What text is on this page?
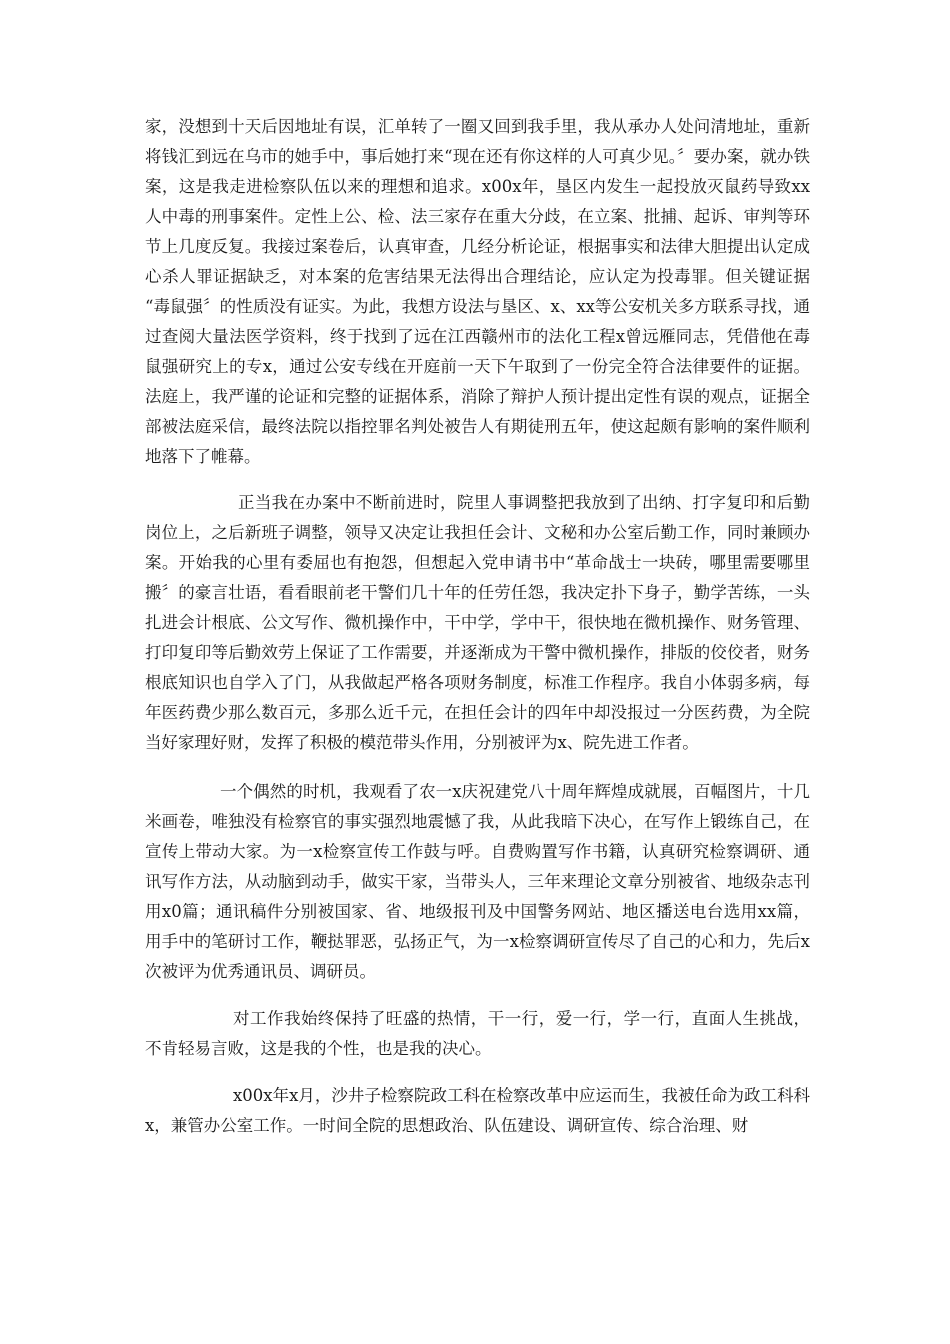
家，没想到十天后因地址有误，汇单转了一圈又回到我手里，我从承办人处问清地址，重新将钱汇到远在乌市的她手中，事后她打来“现在还有你这样的人可真少见。〞要办案，就办铁案，这是我走进检察队伍以来的理想和追求。x00x年，垦区内发生一起投放灭鼠药导致xx人中毒的刑事案件。定性上公、检、法三家存在重大分歧，在立案、批捕、起诉、审判等环节上几度反复。我接过案卷后，认真审查，几经分析论证，根据事实和法律大胆提出认定成心杀人罪证据缺乏，对本案的危害结果无法得出合理结论，应认定为投毒罪。但关键证据 “毒鼠强〞的性质没有证实。为此，我想方设法与垦区、x、xx等公安机关多方联系寻找，通过查阅大量法医学资料，终于找到了远在江西赣州市的法化工程x曾远雁同志，凭借他在毒鼠强研究上的专x，通过公安专线在开庭前一天下午取到了一份完全符合法律要件的证据。法庭上，我严谨的论证和完整的证据体系，消除了辩护人预计提出定性有误的观点，证据全部被法庭采信，最终法院以指控罪名判处被告人有期徒刑五年，使这起颇有影响的案件顺利地落下了帷幕。

正当我在办案中不断前进时，院里人事调整把我放到了出纳、打字复印和后勤岗位上，之后新班子调整，领导又决定让我担任会计、文秘和办公室后勤工作，同时兼顾办案。开始我的心里有委屈也有抱怨，但想起入党申请书中“革命战士一块砖，哪里需要哪里搬〞的豪言壮语，看看眼前老干警们几十年的任劳任怨，我决定扑下身子，勤学苦练，一头扎进会计根底、公文写作、微机操作中，干中学，学中干，很快地在微机操作、财务管理、打印复印等后勤效劳上保证了工作需要，并逐渐成为干警中微机操作，排版的佼佼者，财务根底知识也自学入了门，从我做起严格各项财务制度，标准工作程序。我自小体弱多病，每年医药费少那么数百元，多那么近千元，在担任会计的四年中却没报过一分医药费，为全院当好家理好财，发挥了积极的模范带头作用，分别被评为x、院先进工作者。

一个偶然的时机，我观看了农一x庆祝建党八十周年辉煌成就展，百幅图片，十几米画卷，唯独没有检察官的事实强烈地震憾了我，从此我暗下决心，在写作上锻练自己，在宣传上带动大家。为一x检察宣传工作鼓与呼。自费购置写作书籍，认真研究检察调研、通讯写作方法，从动脑到动手，做实干家，当带头人，三年来理论文章分别被省、地级杂志刊用x0篇；通讯稿件分别被国家、省、地级报刊及中国警务网站、地区播送电台选用xx篇，用手中的笔研讨工作，鞭挞罪恶，弘扬正气，为一x检察调研宣传尽了自己的心和力，先后x次被评为优秀通讯员、调研员。

对工作我始终保持了旺盛的热情，干一行，爱一行，学一行，直面人生挑战，不肯轻易言败，这是我的个性，也是我的决心。

x00x年x月，沙井子检察院政工科在检察改革中应运而生，我被任命为政工科科x，兼管办公室工作。一时间全院的思想政治、队伍建设、调研宣传、综合治理、财
